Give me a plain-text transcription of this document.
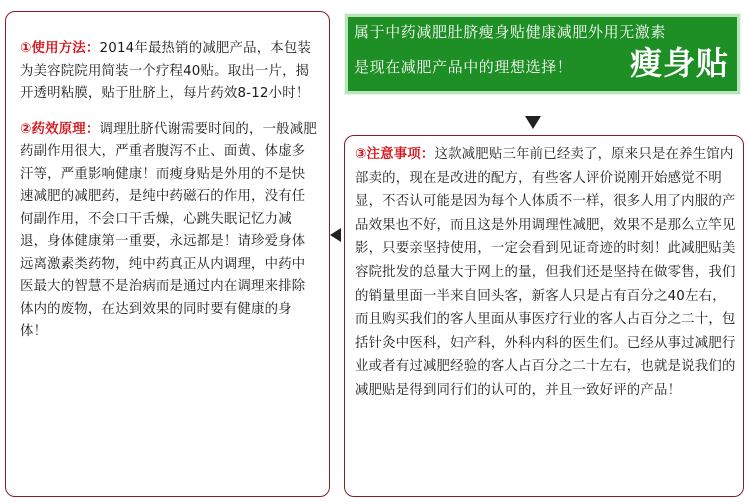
属于中药减肥肚脐瘦身贴健康减肥外用无激素
是现在减肥产品中的理想选择！ 瘦身贴

①使用方法：2014年最热销的减肥产品，本包装为美容院院用简装一个疗程40贴。取出一片，揭开透明粘膜，贴于肚脐上，每片药效8-12小时！

②药效原理：调理肚脐代谢需要时间的，一般减肥药副作用很大，严重者腹泻不止、面黄、体虚多汗等，严重影响健康！而瘦身贴是外用的不是快速减肥的减肥药，是纯中药磁石的作用，没有任何副作用，不会口干舌燥，心跳失眠记忆力减退，身体健康第一重要，永远都是！请珍爱身体远离激素类药物，纯中药真正从内调理，中药中医最大的智慧不是治病而是通过内在调理来排除体内的废物，在达到效果的同时要有健康的身体！

③注意事项：这款减肥贴三年前已经卖了，原来只是在养生馆内部卖的，现在是改进的配方，有些客人评价说刚开始感觉不明显，不否认可能是因为每个人体质不一样，很多人用了内服的产品效果也不好，而且这是外用调理性减肥，效果不是那么立竿见影，只要亲坚持使用，一定会看到见证奇迹的时刻！此减肥贴美容院批发的总量大于网上的量，但我们还是坚持在做零售，我们的销量里面一半来自回头客，新客人只是占有百分之40左右，而且购买我们的客人里面从事医疗行业的客人占百分之二十，包括针灸中医科，妇产科，外科内科的医生们。已经从事过减肥行业或者有过减肥经验的客人占百分之二十左右，也就是说我们的减肥贴是得到同行们的认可的，并且一致好评的产品！
